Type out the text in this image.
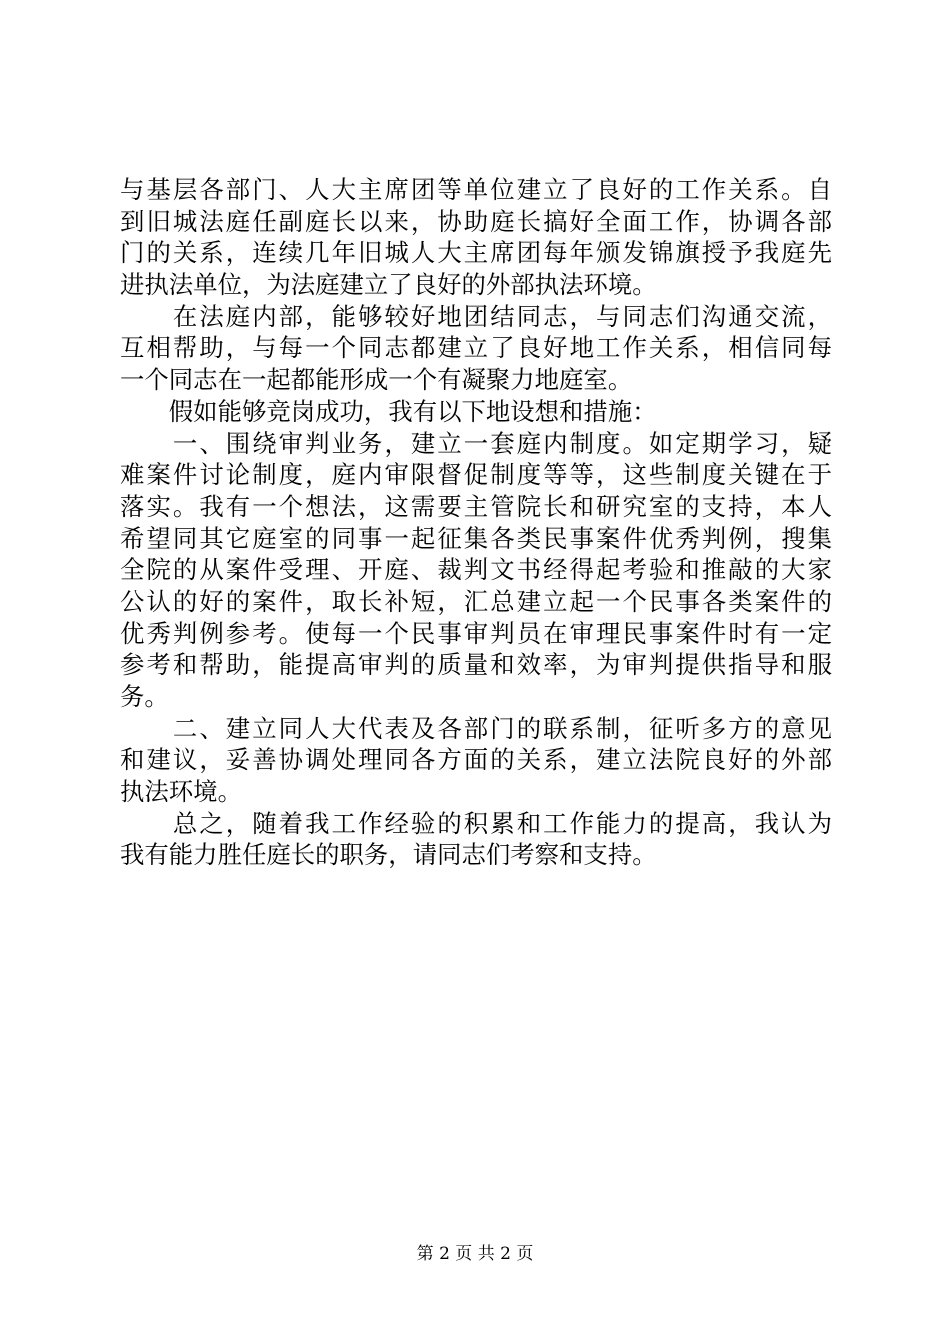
与基层各部门、人大主席团等单位建立了良好的工作关系。自
到旧城法庭任副庭长以来，协助庭长搞好全面工作，协调各部
门的关系，连续几年旧城人大主席团每年颁发锦旗授予我庭先
进执法单位，为法庭建立了良好的外部执法环境。
　　在法庭内部，能够较好地团结同志，与同志们沟通交流，
互相帮助，与每一个同志都建立了良好地工作关系，相信同每
一个同志在一起都能形成一个有凝聚力地庭室。
　　假如能够竞岗成功，我有以下地设想和措施：
　　一、围绕审判业务，建立一套庭内制度。如定期学习，疑
难案件讨论制度，庭内审限督促制度等等，这些制度关键在于
落实。我有一个想法，这需要主管院长和研究室的支持，本人
希望同其它庭室的同事一起征集各类民事案件优秀判例，搜集
全院的从案件受理、开庭、裁判文书经得起考验和推敲的大家
公认的好的案件，取长补短，汇总建立起一个民事各类案件的
优秀判例参考。使每一个民事审判员在审理民事案件时有一定
参考和帮助，能提高审判的质量和效率，为审判提供指导和服
务。
　　二、建立同人大代表及各部门的联系制，征听多方的意见
和建议，妥善协调处理同各方面的关系，建立法院良好的外部
执法环境。
　　总之，随着我工作经验的积累和工作能力的提高，我认为
我有能力胜任庭长的职务，请同志们考察和支持。
第 2 页 共 2 页
